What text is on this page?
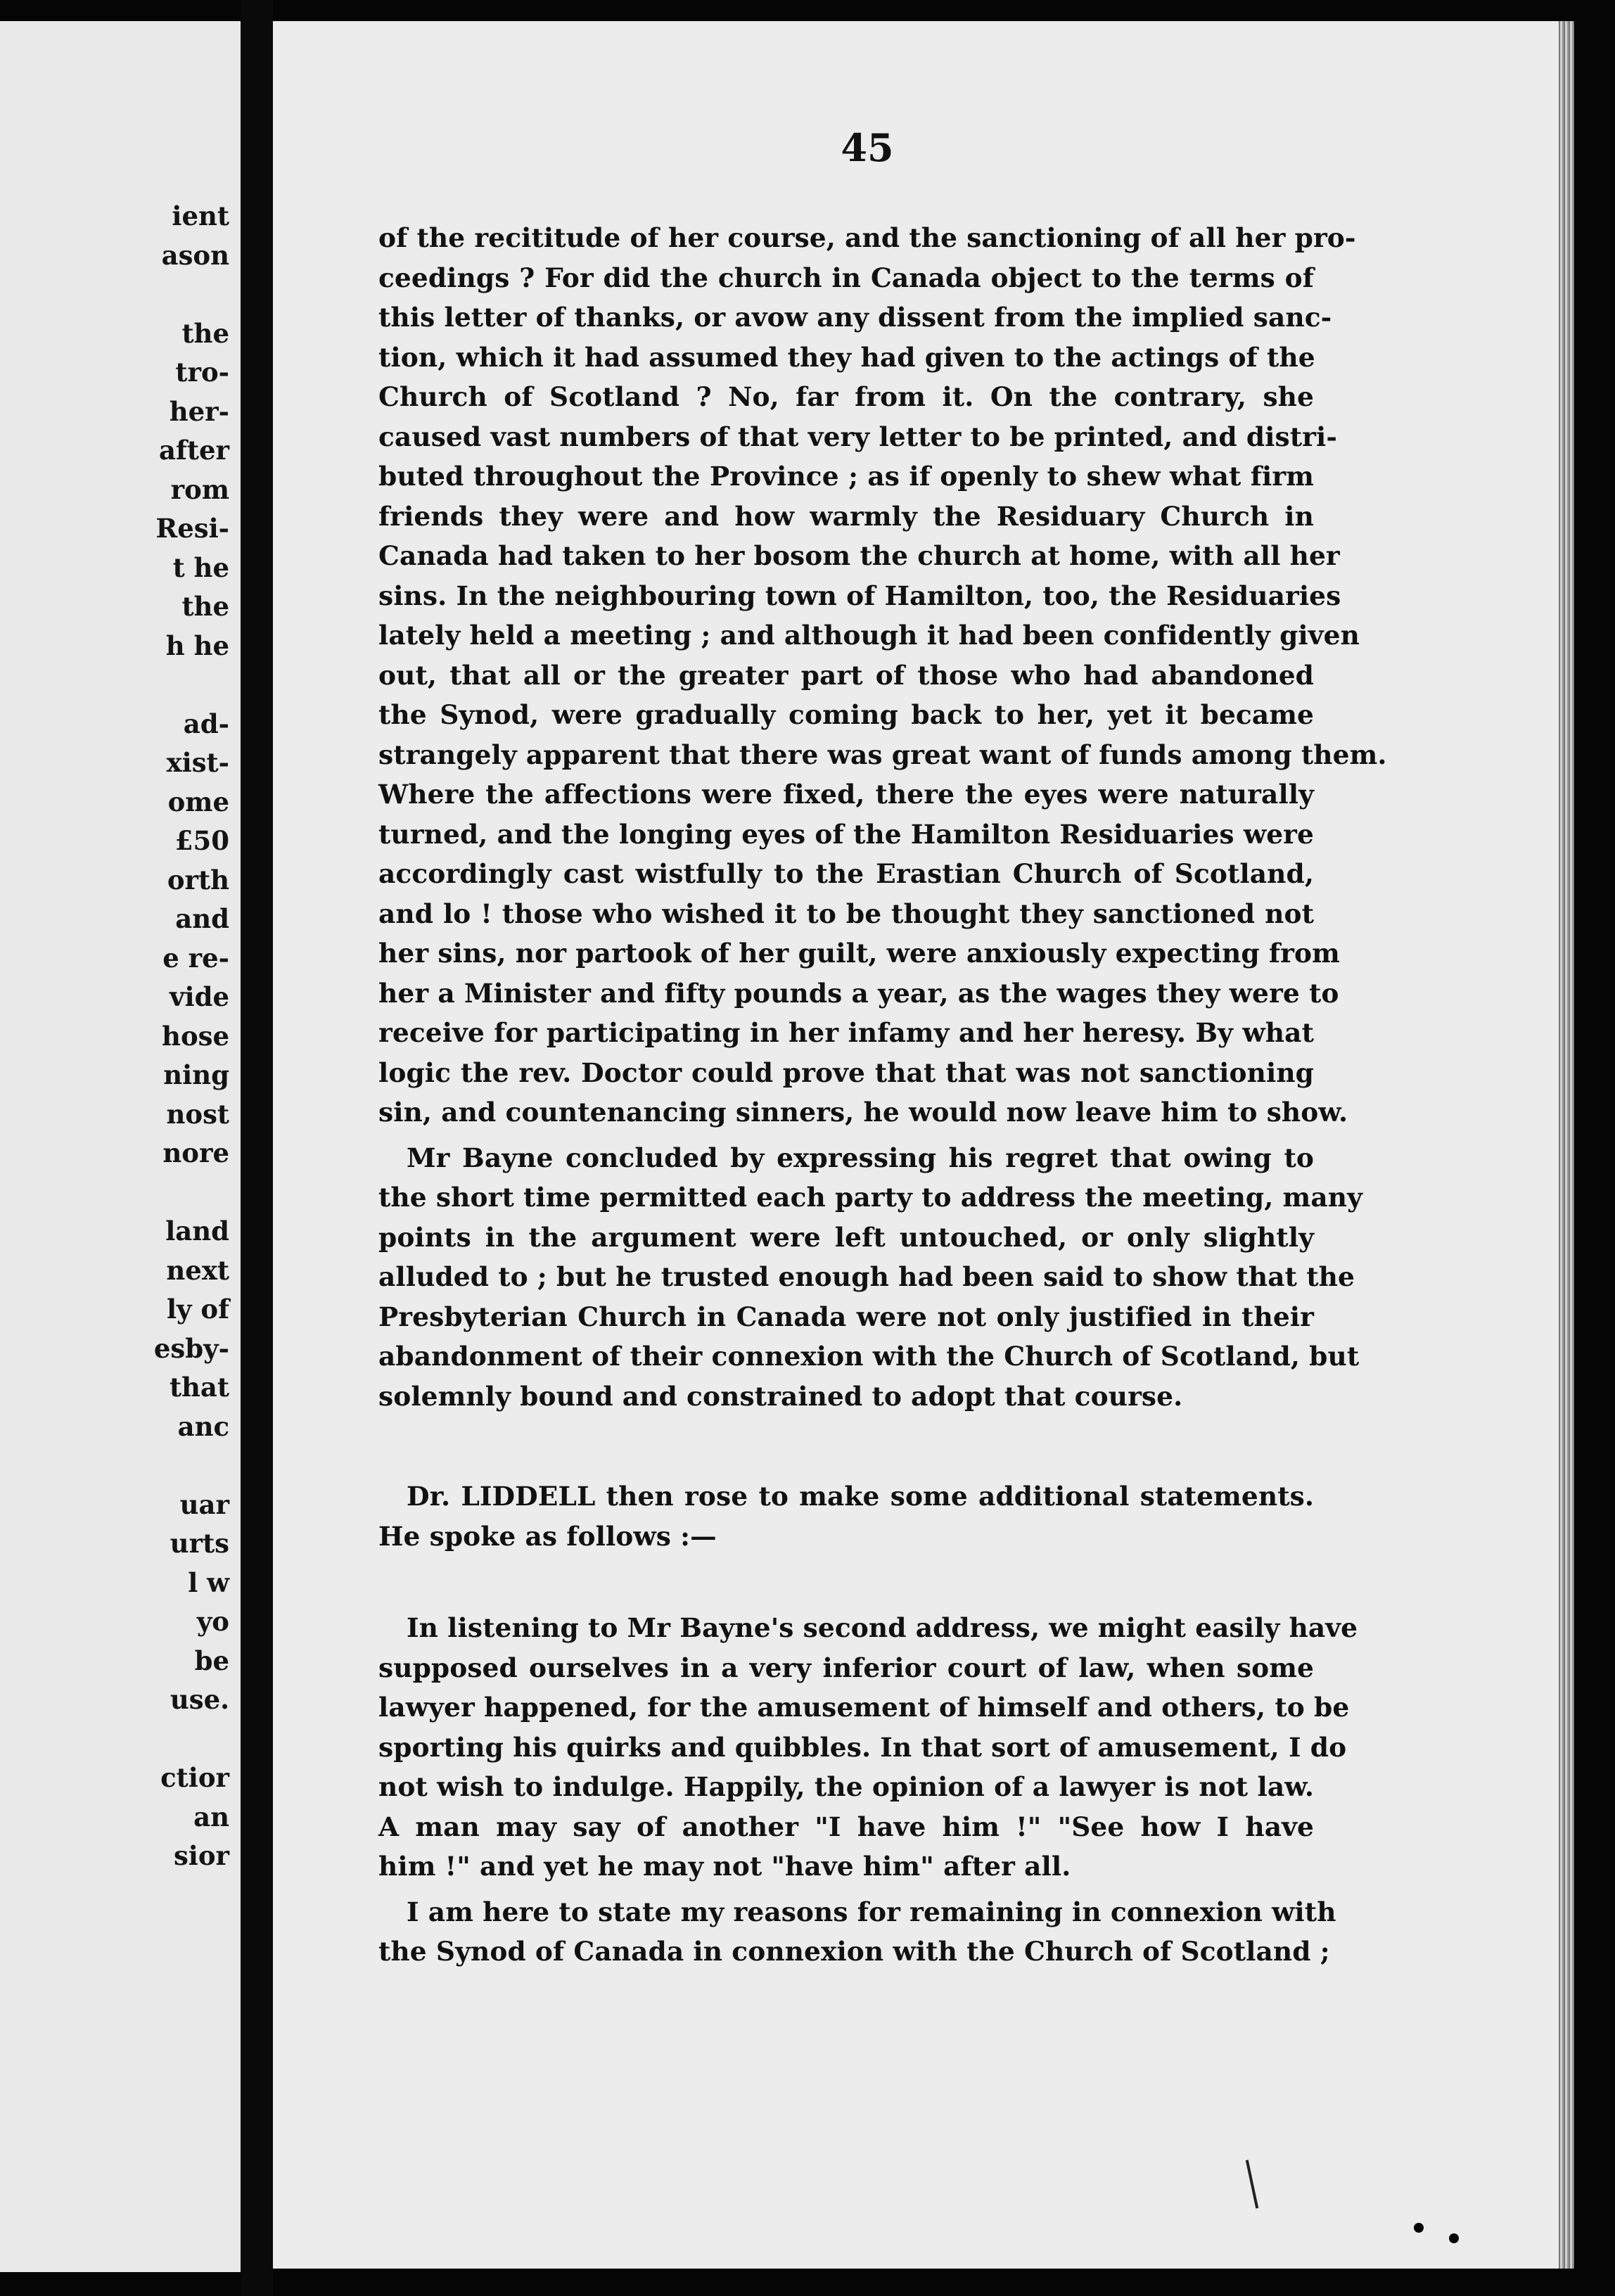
ient
ason

the
tro-
her-
after
rom
Resi-
t he
the
h he

ad-
xist-
ome
£50
orth
and
e re-
vide
hose
ning
nost
nore

land
next
ly of
esby-
that
anc

uar
urts
l w
yo
be
use.

ctior
an
sior
45
of the recititude of her course, and the sanctioning of all her pro-
ceedings ? For did the church in Canada object to the terms of
this letter of thanks, or avow any dissent from the implied sanc-
tion, which it had assumed they had given to the actings of the
Church of Scotland ? No, far from it. On the contrary, she
caused vast numbers of that very letter to be printed, and distri-
buted throughout the Province ; as if openly to shew what firm
friends they were and how warmly the Residuary Church in
Canada had taken to her bosom the church at home, with all her
sins. In the neighbouring town of Hamilton, too, the Residuaries
lately held a meeting ; and although it had been confidently given
out, that all or the greater part of those who had abandoned
the Synod, were gradually coming back to her, yet it became
strangely apparent that there was great want of funds among them.
Where the affections were fixed, there the eyes were naturally
turned, and the longing eyes of the Hamilton Residuaries were
accordingly cast wistfully to the Erastian Church of Scotland,
and lo ! those who wished it to be thought they sanctioned not
her sins, nor partook of her guilt, were anxiously expecting from
her a Minister and fifty pounds a year, as the wages they were to
receive for participating in her infamy and her heresy. By what
logic the rev. Doctor could prove that that was not sanctioning
sin, and countenancing sinners, he would now leave him to show.
Mr Bayne concluded by expressing his regret that owing to
the short time permitted each party to address the meeting, many
points in the argument were left untouched, or only slightly
alluded to ; but he trusted enough had been said to show that the
Presbyterian Church in Canada were not only justified in their
abandonment of their connexion with the Church of Scotland, but
solemnly bound and constrained to adopt that course.
Dr. LIDDELL then rose to make some additional statements.
He spoke as follows :—
In listening to Mr Bayne's second address, we might easily have
supposed ourselves in a very inferior court of law, when some
lawyer happened, for the amusement of himself and others, to be
sporting his quirks and quibbles. In that sort of amusement, I do
not wish to indulge. Happily, the opinion of a lawyer is not law.
A man may say of another "I have him !" "See how I have
him !" and yet he may not "have him" after all.
I am here to state my reasons for remaining in connexion with
the Synod of Canada in connexion with the Church of Scotland ;
